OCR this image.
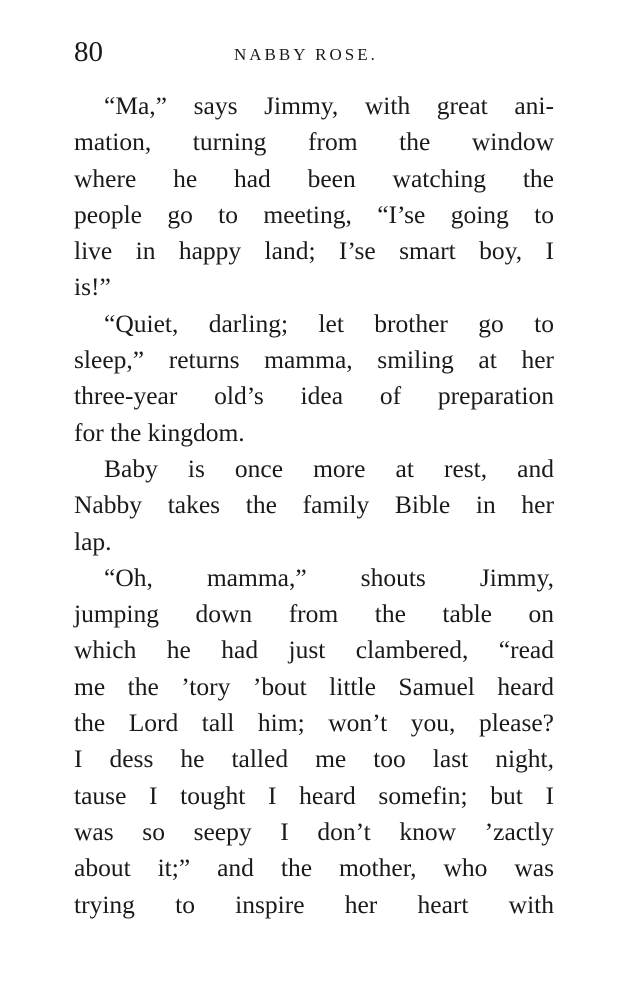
80	NABBY ROSE.

“Ma,” says Jimmy, with great ani-
mation, turning from the window
where he had been watching the
people go to meeting, “I’se going to
live in happy land; I’se smart boy, I
is!”

“Quiet, darling; let brother go to
sleep,” returns mamma, smiling at her
three-year old’s idea of preparation
for the kingdom.

Baby is once more at rest, and
Nabby takes the family Bible in her
lap.

“Oh, mamma,” shouts Jimmy,
jumping down from the table on
which he had just clambered, “read
me the ’tory ’bout little Samuel heard
the Lord tall him; won’t you, please?
I dess he talled me too last night,
tause I tought I heard somefin; but I
was so seepy I don’t know ’zactly
about it;” and the mother, who was
trying to inspire her heart with
